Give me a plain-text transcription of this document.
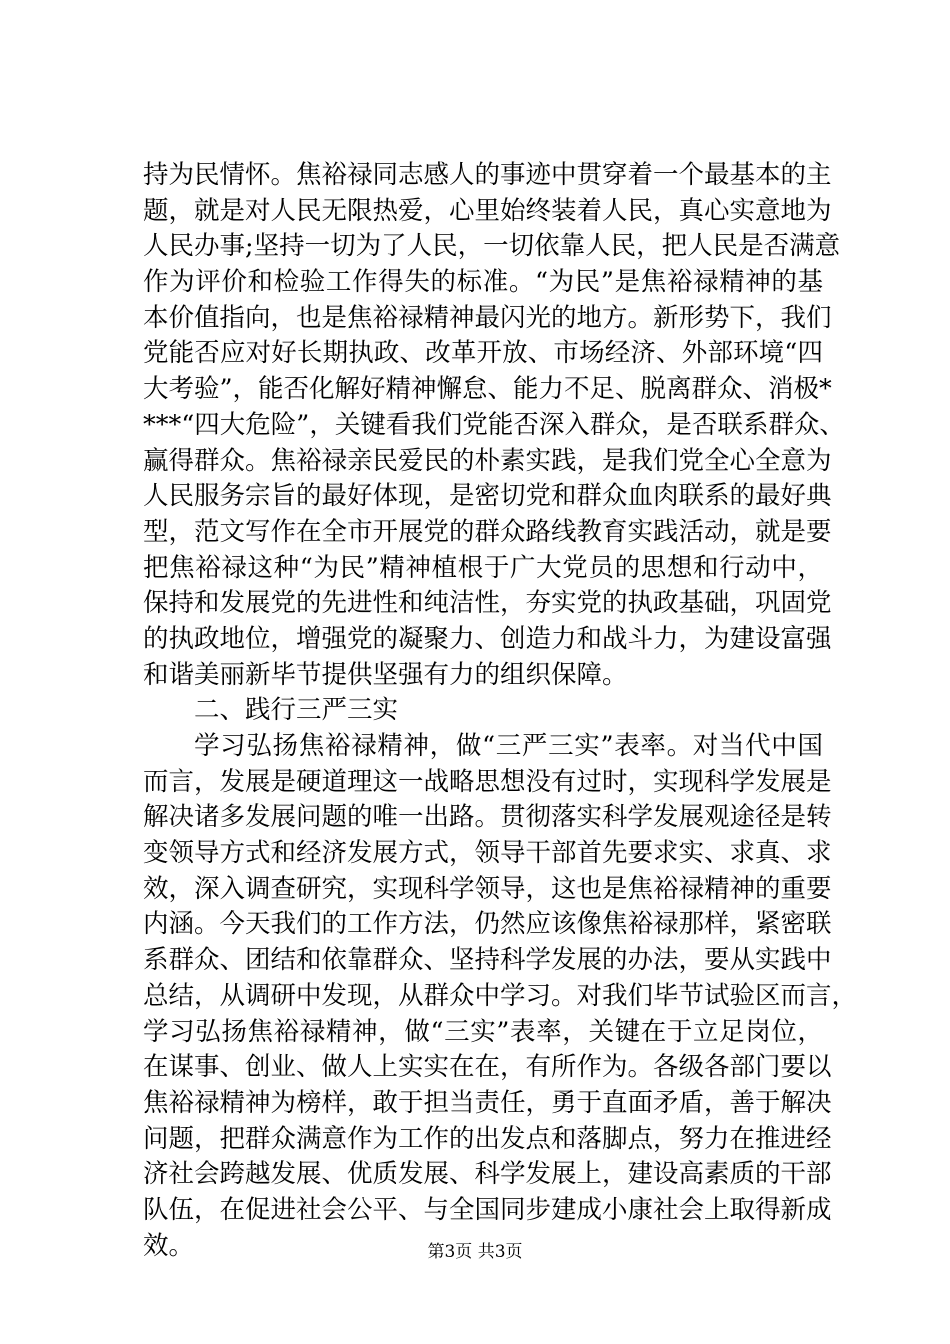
持为民情怀。焦裕禄同志感人的事迹中贯穿着一个最基本的主
题，就是对人民无限热爱，心里始终装着人民，真心实意地为
人民办事;坚持一切为了人民，一切依靠人民，把人民是否满意
作为评价和检验工作得失的标准。“为民”是焦裕禄精神的基
本价值指向，也是焦裕禄精神最闪光的地方。新形势下，我们
党能否应对好长期执政、改革开放、市场经济、外部环境“四
大考验”，能否化解好精神懈怠、能力不足、脱离群众、消极*
***“四大危险”，关键看我们党能否深入群众，是否联系群众、
赢得群众。焦裕禄亲民爱民的朴素实践，是我们党全心全意为
人民服务宗旨的最好体现，是密切党和群众血肉联系的最好典
型，范文写作在全市开展党的群众路线教育实践活动，就是要
把焦裕禄这种“为民”精神植根于广大党员的思想和行动中，
保持和发展党的先进性和纯洁性，夯实党的执政基础，巩固党
的执政地位，增强党的凝聚力、创造力和战斗力，为建设富强
和谐美丽新毕节提供坚强有力的组织保障。
二、践行三严三实
学习弘扬焦裕禄精神，做“三严三实”表率。对当代中国
而言，发展是硬道理这一战略思想没有过时，实现科学发展是
解决诸多发展问题的唯一出路。贯彻落实科学发展观途径是转
变领导方式和经济发展方式，领导干部首先要求实、求真、求
效，深入调查研究，实现科学领导，这也是焦裕禄精神的重要
内涵。今天我们的工作方法，仍然应该像焦裕禄那样，紧密联
系群众、团结和依靠群众、坚持科学发展的办法，要从实践中
总结，从调研中发现，从群众中学习。对我们毕节试验区而言，
学习弘扬焦裕禄精神，做“三实”表率，关键在于立足岗位，
在谋事、创业、做人上实实在在，有所作为。各级各部门要以
焦裕禄精神为榜样，敢于担当责任，勇于直面矛盾，善于解决
问题，把群众满意作为工作的出发点和落脚点，努力在推进经
济社会跨越发展、优质发展、科学发展上，建设高素质的干部
队伍，在促进社会公平、与全国同步建成小康社会上取得新成
效。	第3页 共3页
